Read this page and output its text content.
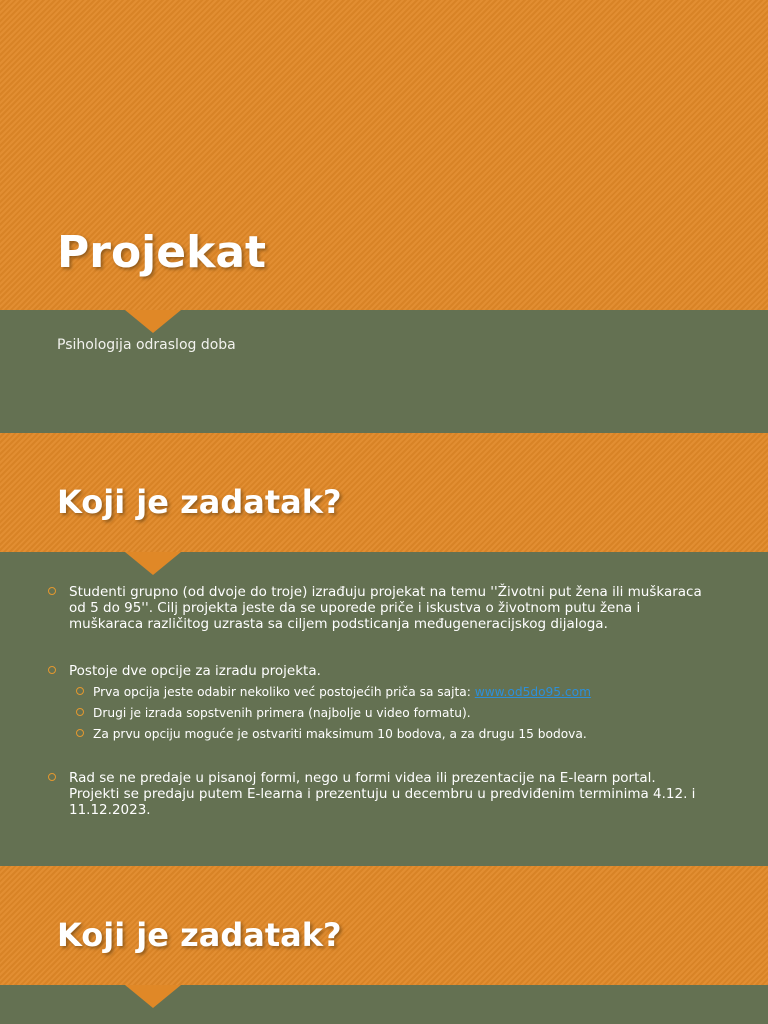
Projekat
Psihologija odraslog doba
Koji je zadatak?
Studenti grupno (od dvoje do troje) izrađuju projekat na temu ''Životni put žena ili muškaraca od 5 do 95''. Cilj projekta jeste da se uporede priče i iskustva o životnom putu žena i muškaraca različitog uzrasta sa ciljem podsticanja međugeneracijskog dijaloga.
Postoje dve opcije za izradu projekta.
Prva opcija jeste odabir nekoliko već postojećih priča sa sajta: www.od5do95.com
Drugi je izrada sopstvenih primera (najbolje u video formatu).
Za prvu opciju moguće je ostvariti maksimum 10 bodova, a za drugu 15 bodova.
Rad se ne predaje u pisanoj formi, nego u formi videa ili prezentacije na E-learn portal. Projekti se predaju putem E-learna i prezentuju u decembru u predviđenim terminima 4.12. i 11.12.2023.
Koji je zadatak?
